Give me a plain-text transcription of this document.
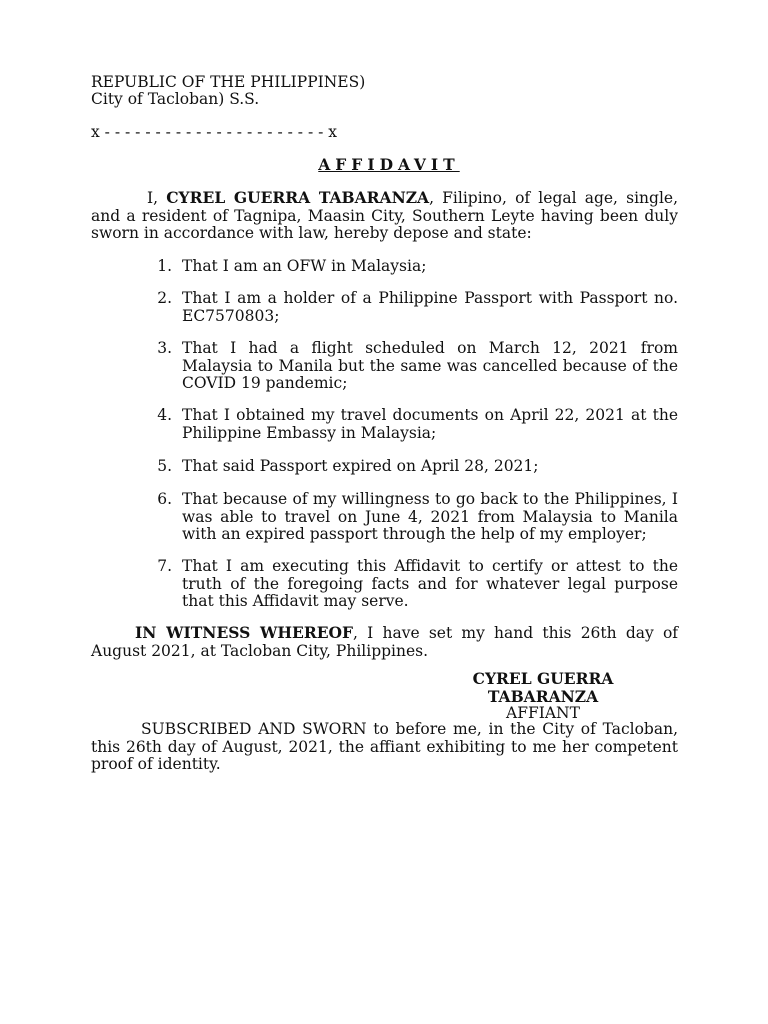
REPUBLIC OF THE PHILIPPINES)
City of Tacloban) S.S.
x - - - - - - - - - - - - - - - - - - - - - - x
AFFIDAVIT
I, CYREL GUERRA TABARANZA, Filipino, of legal age, single, and a resident of Tagnipa, Maasin City, Southern Leyte having been duly sworn in accordance with law, hereby depose and state:
1. That I am an OFW in Malaysia;
2. That I am a holder of a Philippine Passport with Passport no. EC7570803;
3. That I had a flight scheduled on March 12, 2021 from Malaysia to Manila but the same was cancelled because of the COVID 19 pandemic;
4. That I obtained my travel documents on April 22, 2021 at the Philippine Embassy in Malaysia;
5. That said Passport expired on April 28, 2021;
6. That because of my willingness to go back to the Philippines, I was able to travel on June 4, 2021 from Malaysia to Manila with an expired passport through the help of my employer;
7. That I am executing this Affidavit to certify or attest to the truth of the foregoing facts and for whatever legal purpose that this Affidavit may serve.
IN WITNESS WHEREOF, I have set my hand this 26th day of August 2021, at Tacloban City, Philippines.
CYREL GUERRA TABARANZA
AFFIANT
SUBSCRIBED AND SWORN to before me, in the City of Tacloban, this 26th day of August, 2021, the affiant exhibiting to me her competent proof of identity.
